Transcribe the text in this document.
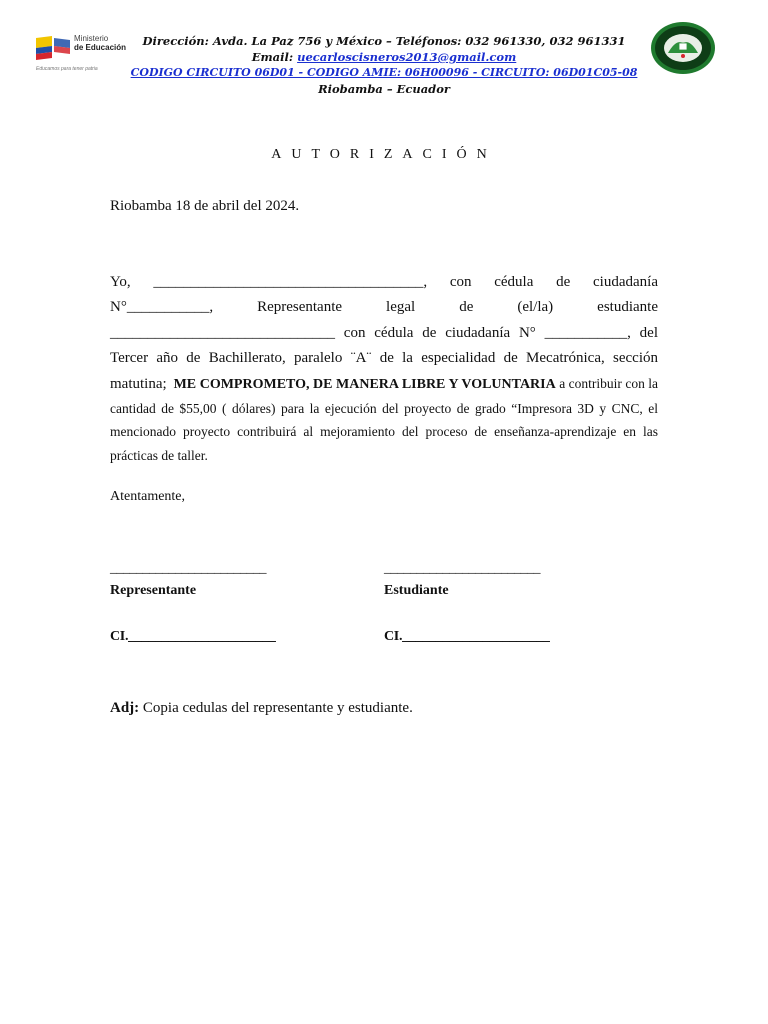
Ministerio
de Educación
Educamos para tener patria
Dirección: Avda. La Paz 756 y México – Teléfonos: 032 961330, 032 961331
Email: uecarloscisneros2013@gmail.com
CODIGO CIRCUITO 06D01 - CODIGO AMIE: 06H00096 - CIRCUITO: 06D01C05-08
Riobamba – Ecuador
AUTORIZACIÓN
Riobamba 18 de abril del 2024.
Yo, ____________________________________, con cédula de ciudadanía
N°___________, Representante legal de (el/la) estudiante
______________________________ con cédula de ciudadanía N° ___________, del
Tercer año de Bachillerato, paralelo ¨A¨ de la especialidad de Mecatrónica, sección
matutina; ME COMPROMETO, DE MANERA LIBRE Y VOLUNTARIA a contribuir con la cantidad de $55,00 ( dólares) para la ejecución del proyecto de grado “Impresora 3D y CNC, el mencionado proyecto contribuirá al mejoramiento del proceso de enseñanza-aprendizaje en las prácticas de taller.
Atentamente,
________________________	________________________
Representante	Estudiante
CI.______________________	CI.______________________
Adj: Copia cedulas del representante y estudiante.
